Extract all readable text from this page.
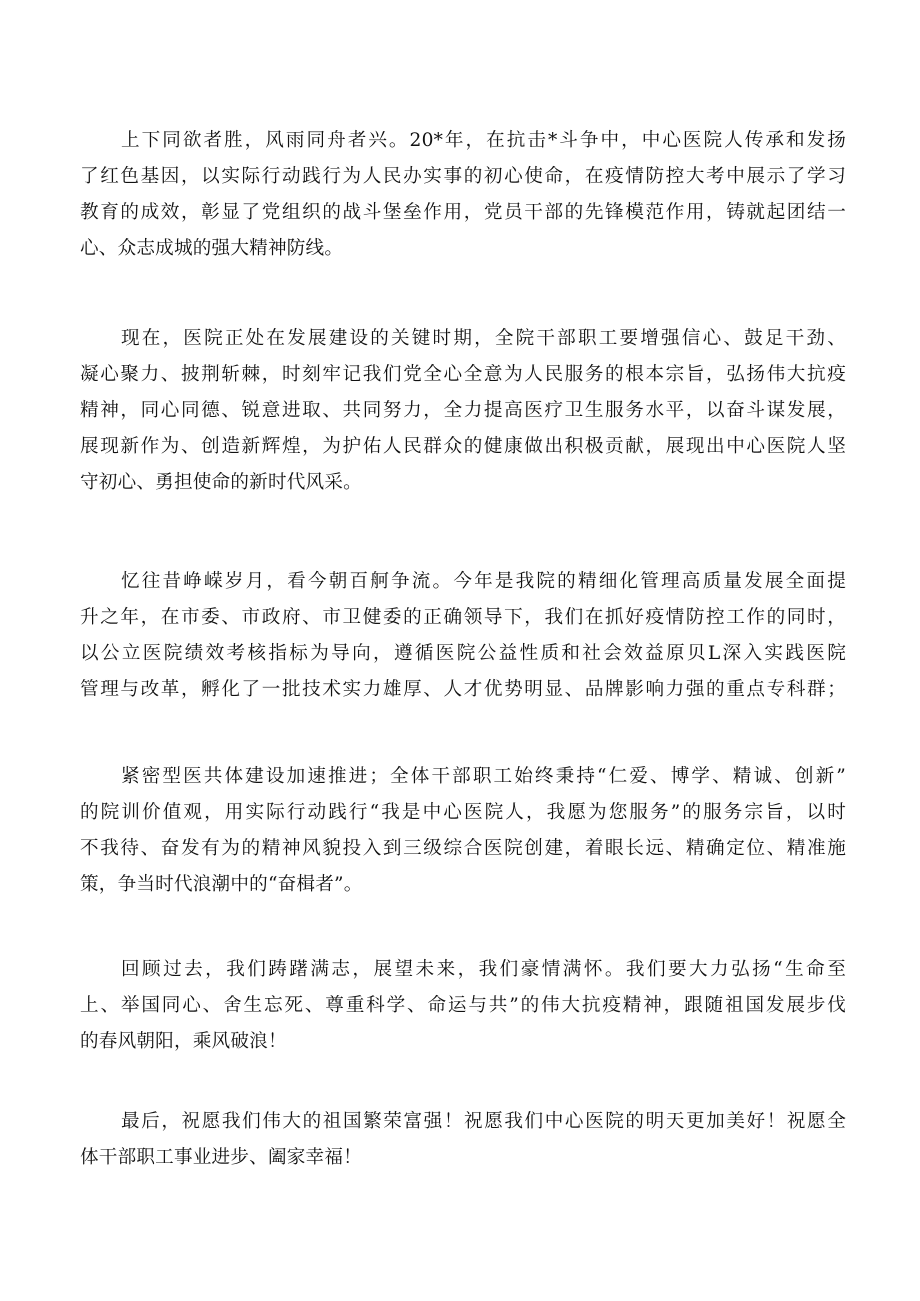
上下同欲者胜，风雨同舟者兴。20*年，在抗击*斗争中，中心医院人传承和发扬
了红色基因，以实际行动践行为人民办实事的初心使命，在疫情防控大考中展示了学习
教育的成效，彰显了党组织的战斗堡垒作用，党员干部的先锋模范作用，铸就起团结一
心、众志成城的强大精神防线。
现在，医院正处在发展建设的关键时期，全院干部职工要增强信心、鼓足干劲、
凝心聚力、披荆斩棘，时刻牢记我们党全心全意为人民服务的根本宗旨，弘扬伟大抗疫
精神，同心同德、锐意进取、共同努力，全力提高医疗卫生服务水平，以奋斗谋发展，
展现新作为、创造新辉煌，为护佑人民群众的健康做出积极贡献，展现出中心医院人坚
守初心、勇担使命的新时代风采。
忆往昔峥嵘岁月，看今朝百舸争流。今年是我院的精细化管理高质量发展全面提
升之年，在市委、市政府、市卫健委的正确领导下，我们在抓好疫情防控工作的同时，
以公立医院绩效考核指标为导向，遵循医院公益性质和社会效益原贝L深入实践医院
管理与改革，孵化了一批技术实力雄厚、人才优势明显、品牌影响力强的重点专科群；
紧密型医共体建设加速推进；全体干部职工始终秉持“仁爱、博学、精诚、创新”
的院训价值观，用实际行动践行“我是中心医院人，我愿为您服务”的服务宗旨，以时
不我待、奋发有为的精神风貌投入到三级综合医院创建，着眼长远、精确定位、精准施
策，争当时代浪潮中的“奋楫者”。
回顾过去，我们踌躇满志，展望未来，我们豪情满怀。我们要大力弘扬“生命至
上、举国同心、舍生忘死、尊重科学、命运与共”的伟大抗疫精神，跟随祖国发展步伐
的春风朝阳，乘风破浪！
最后，祝愿我们伟大的祖国繁荣富强！祝愿我们中心医院的明天更加美好！祝愿全
体干部职工事业进步、阖家幸福！
